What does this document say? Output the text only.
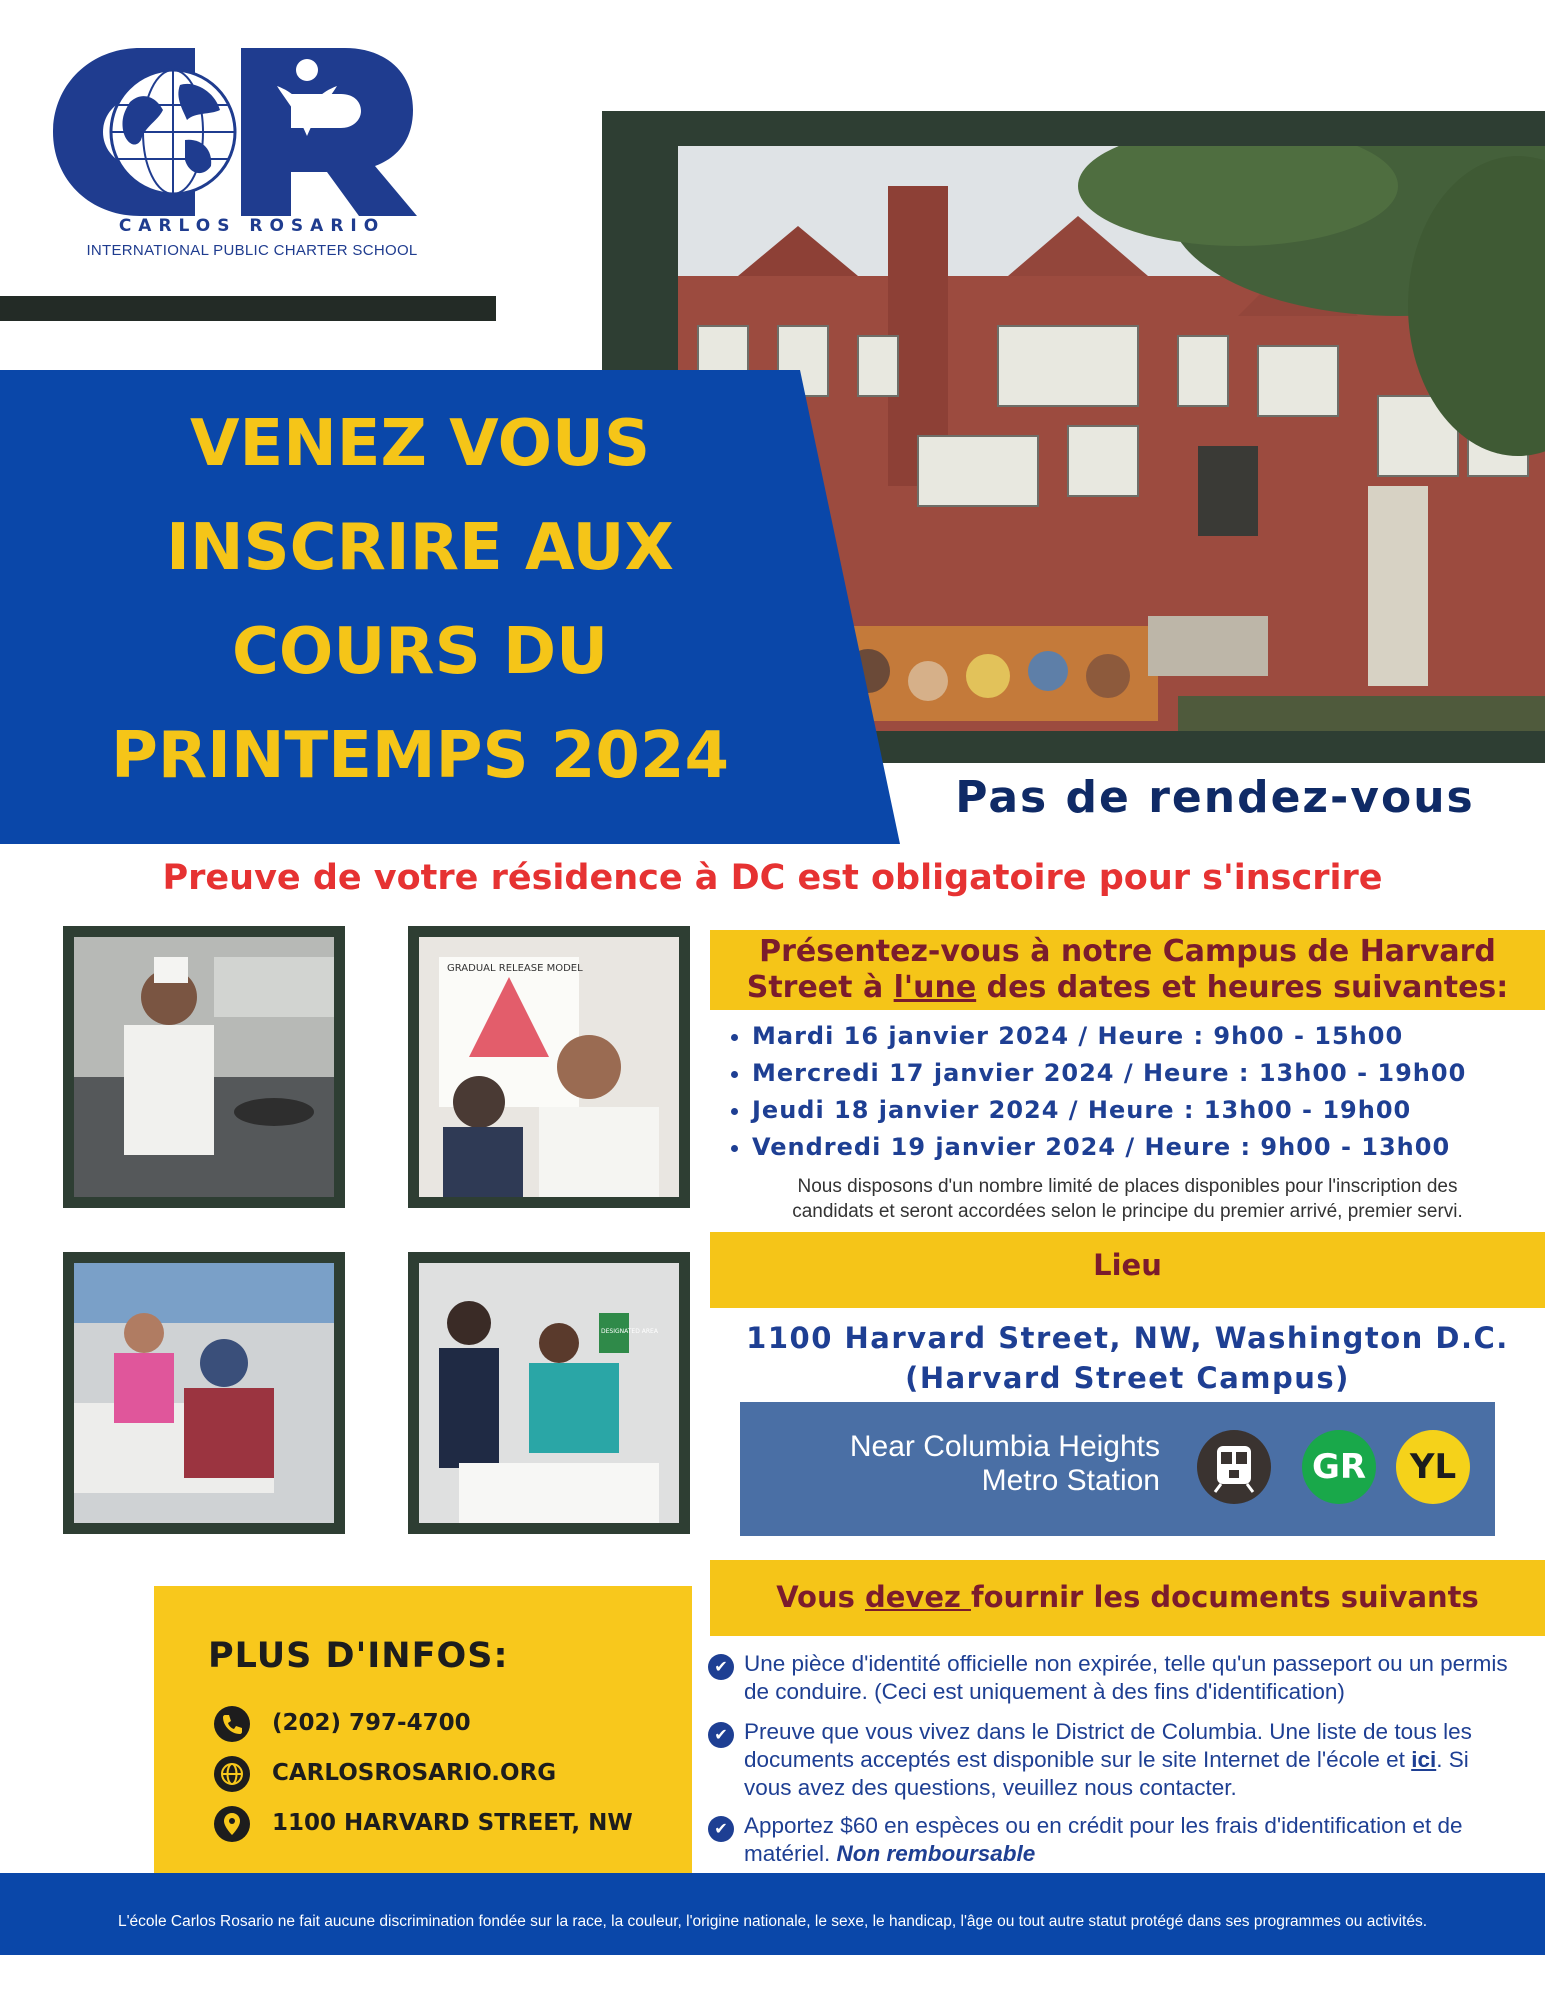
CARLOS ROSARIO
INTERNATIONAL PUBLIC CHARTER SCHOOL
VENEZ VOUS
INSCRIRE AUX
COURS DU
PRINTEMPS 2024
Pas de rendez-vous
Preuve de votre résidence à DC est obligatoire pour s'inscrire
GRADUAL RELEASE MODEL
DESIGNATED AREA
Présentez-vous à notre Campus de Harvard
Street à l'une des dates et heures suivantes:
• Mardi 16 janvier 2024 / Heure : 9h00 - 15h00
• Mercredi 17 janvier 2024 / Heure : 13h00 - 19h00
• Jeudi 18 janvier 2024 / Heure : 13h00 - 19h00
• Vendredi 19 janvier 2024 / Heure : 9h00 - 13h00
Nous disposons d'un nombre limité de places disponibles pour l'inscription des
candidats et seront accordées selon le principe du premier arrivé, premier servi.
Lieu
1100 Harvard Street, NW, Washington D.C.
(Harvard Street Campus)
Near Columbia Heights
Metro Station	GR	YL
Vous devez fournir les documents suivants
✔ Une pièce d'identité officielle non expirée, telle qu'un passeport ou un permis de conduire. (Ceci est uniquement à des fins d'identification)
✔ Preuve que vous vivez dans le District de Columbia. Une liste de tous les documents acceptés est disponible sur le site Internet de l'école et ici. Si vous avez des questions, veuillez nous contacter.
✔ Apportez $60 en espèces ou en crédit pour les frais d'identification et de matériel. Non remboursable
PLUS D'INFOS:
(202) 797-4700
CARLOSROSARIO.ORG
1100 HARVARD STREET, NW
L'école Carlos Rosario ne fait aucune discrimination fondée sur la race, la couleur, l'origine nationale, le sexe, le handicap, l'âge ou tout autre statut protégé dans ses programmes ou activités.
